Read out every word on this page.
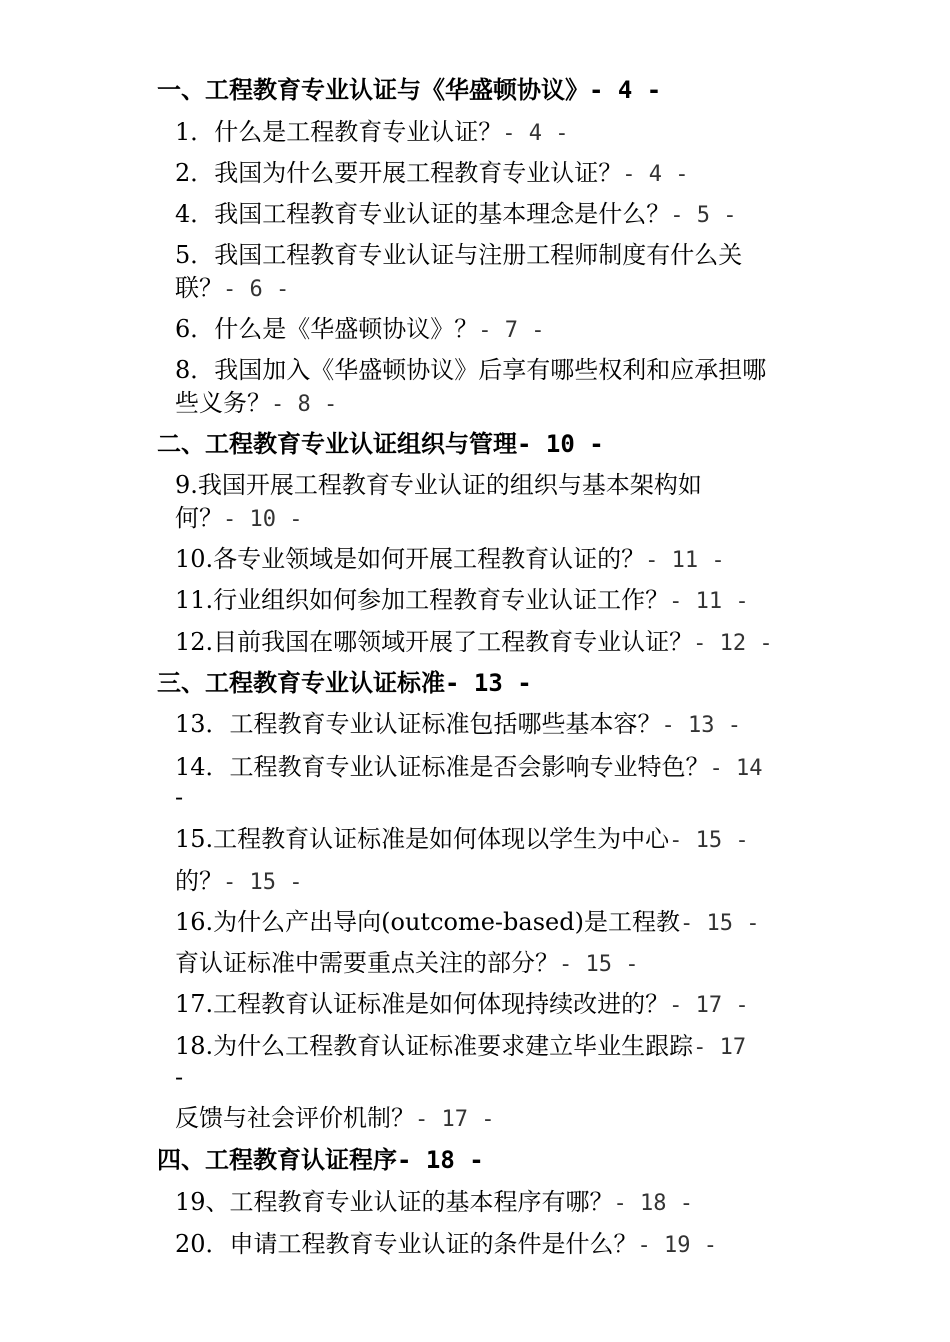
一、工程教育专业认证与《华盛顿协议》- 4 -
1．什么是工程教育专业认证？- 4 -
2．我国为什么要开展工程教育专业认证？- 4 -
4．我国工程教育专业认证的基本理念是什么？- 5 -
5．我国工程教育专业认证与注册工程师制度有什么关
联？- 6 -
6．什么是《华盛顿协议》？- 7 -
8．我国加入《华盛顿协议》后享有哪些权利和应承担哪
些义务？- 8 -
二、工程教育专业认证组织与管理- 10 -
9.我国开展工程教育专业认证的组织与基本架构如
何？- 10 -
10.各专业领域是如何开展工程教育认证的？- 11 -
11.行业组织如何参加工程教育专业认证工作？- 11 -
12.目前我国在哪领域开展了工程教育专业认证？- 12 -
三、工程教育专业认证标准- 13 -
13．工程教育专业认证标准包括哪些基本容？- 13 -
14．工程教育专业认证标准是否会影响专业特色？- 14
-
15.工程教育认证标准是如何体现以学生为中心- 15 -
的？- 15 -
16.为什么产出导向(outcome-based)是工程教- 15 -
育认证标准中需要重点关注的部分？- 15 -
17.工程教育认证标准是如何体现持续改进的？- 17 -
18.为什么工程教育认证标准要求建立毕业生跟踪- 17
-
反馈与社会评价机制？- 17 -
四、工程教育认证程序- 18 -
19、工程教育专业认证的基本程序有哪？- 18 -
20．申请工程教育专业认证的条件是什么？- 19 -
